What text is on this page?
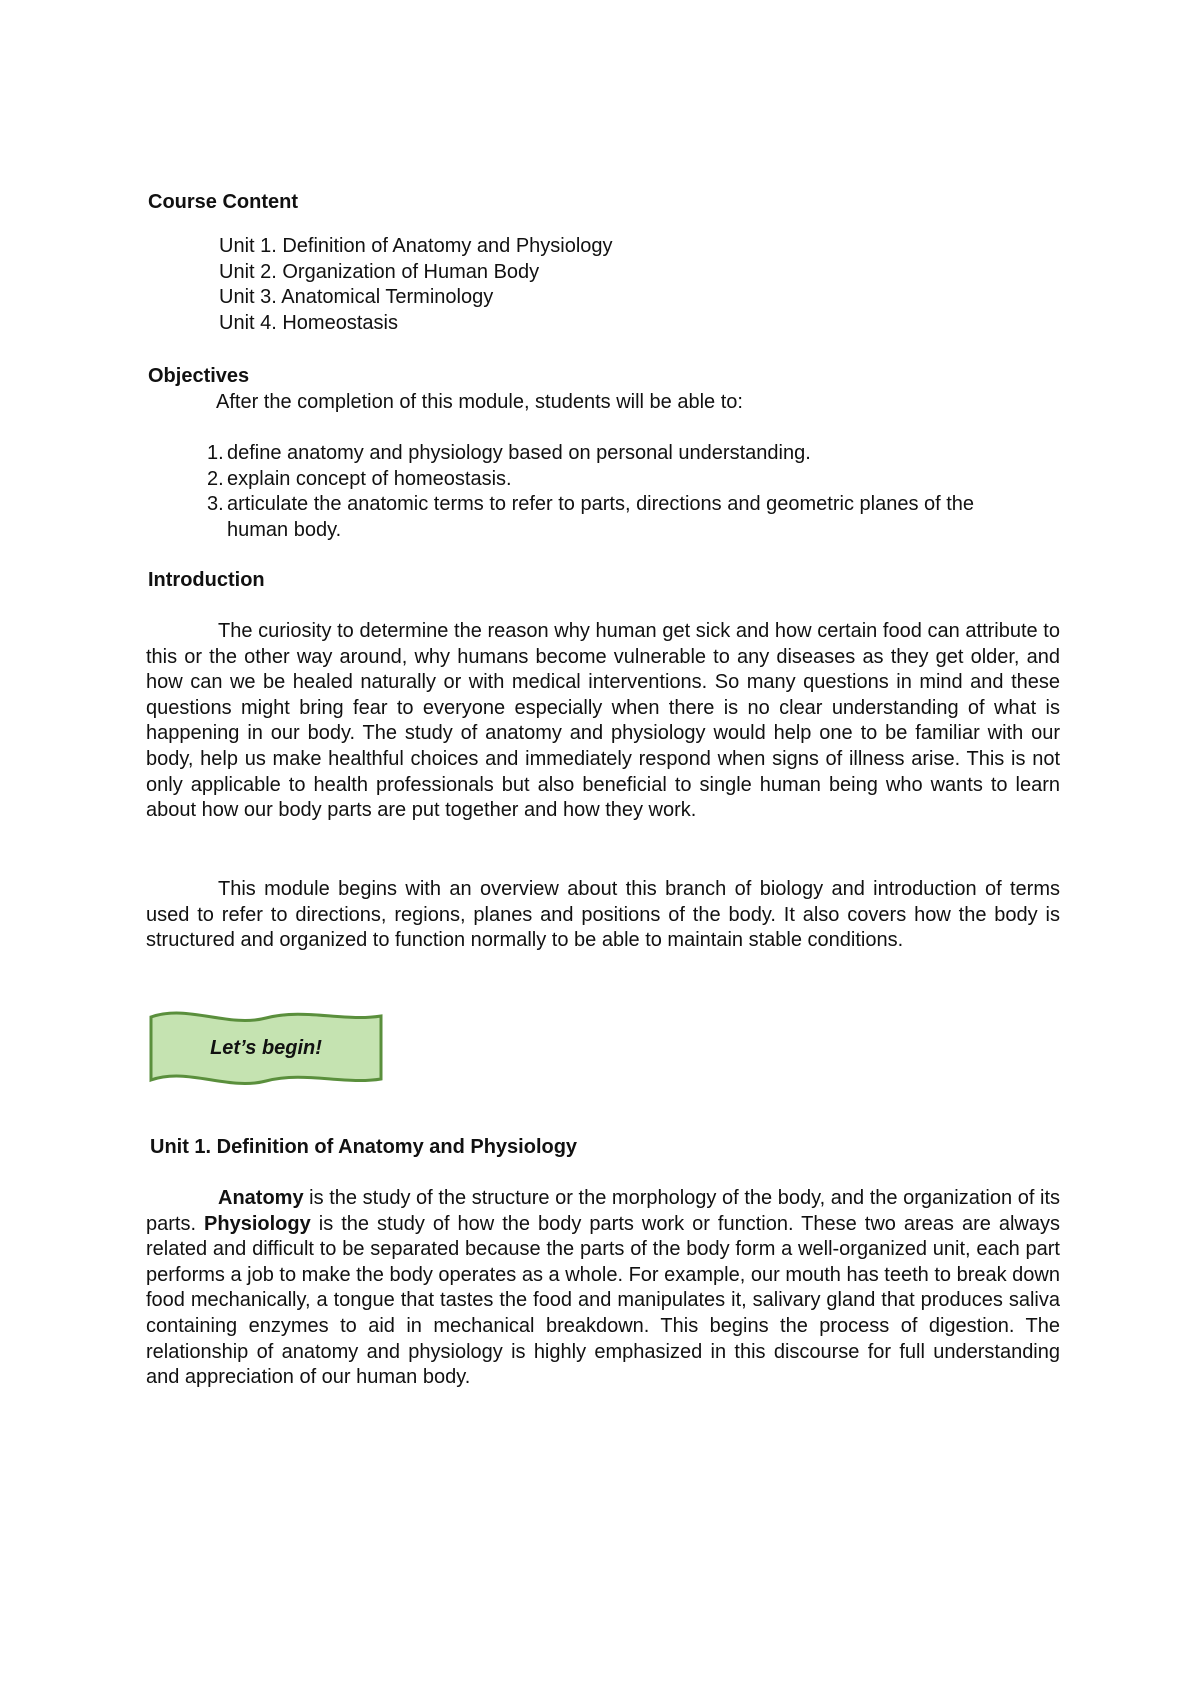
Course Content
Unit 1. Definition of Anatomy and Physiology
Unit 2. Organization of Human Body
Unit 3. Anatomical Terminology
Unit 4. Homeostasis
Objectives

After the completion of this module, students will be able to:

1. define anatomy and physiology based on personal understanding.
2. explain concept of homeostasis.
3. articulate the anatomic terms to refer to parts, directions and geometric planes of the human body.
Introduction

The curiosity to determine the reason why human get sick and how certain food can attribute to this or the other way around, why humans become vulnerable to any diseases as they get older, and how can we be healed naturally or with medical interventions. So many questions in mind and these questions might bring fear to everyone especially when there is no clear understanding of what is happening in our body. The study of anatomy and physiology would help one to be familiar with our body, help us make healthful choices and immediately respond when signs of illness arise. This is not only applicable to health professionals but also beneficial to single human being who wants to learn about how our body parts are put together and how they work.

This module begins with an overview about this branch of biology and introduction of terms used to refer to directions, regions, planes and positions of the body. It also covers how the body is structured and organized to function normally to be able to maintain stable conditions.

Let’s begin!
Unit 1. Definition of Anatomy and Physiology

Anatomy is the study of the structure or the morphology of the body, and the organization of its parts. Physiology is the study of how the body parts work or function. These two areas are always related and difficult to be separated because the parts of the body form a well-organized unit, each part performs a job to make the body operates as a whole. For example, our mouth has teeth to break down food mechanically, a tongue that tastes the food and manipulates it, salivary gland that produces saliva containing enzymes to aid in mechanical breakdown. This begins the process of digestion. The relationship of anatomy and physiology is highly emphasized in this discourse for full understanding and appreciation of our human body.
